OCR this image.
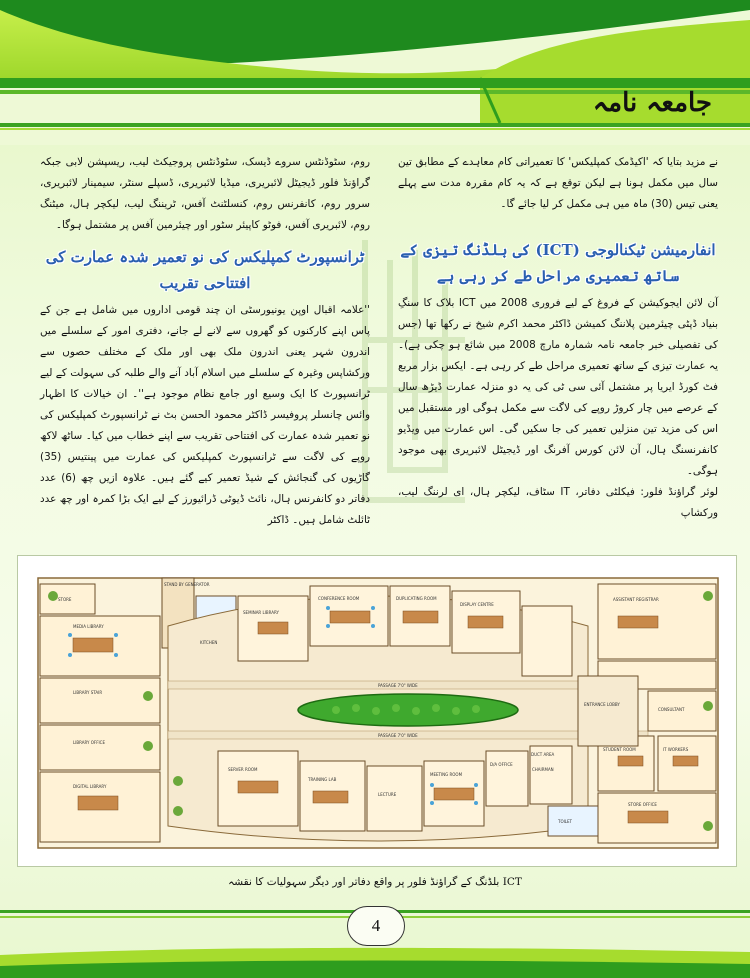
جامعہ نامہ

روم، سٹوڈنٹس سروے ڈیسک، سٹوڈنٹس پروجیکٹ لیب، ریسپشن لابی جبکہ گراؤنڈ فلور ڈیجیٹل لائبریری، میڈیا لائبریری، ڈسپلے سنٹر، سیمینار لائبریری، سرور روم، کانفرنس روم، کنسلٹنٹ آفس، ٹریننگ لیب، لیکچر ہال، میٹنگ روم، لائبریری آفس، فوٹو کاپیئر سٹور اور چیئرمین آفس پر مشتمل ہوگا۔

ٹرانسپورٹ کمپلیکس کی نو تعمیر شدہ عمارت کی افتتاحی تقریب

''علامہ اقبال اوپن یونیورسٹی ان چند قومی اداروں میں شامل ہے جن کے پاس اپنے کارکنوں کو گھروں سے لانے لے جانے، دفتری امور کے سلسلے میں اندرون شہر یعنی اندرون ملک بھی اور ملک کے مختلف حصوں سے ورکشاپس وغیرہ کے سلسلے میں اسلام آباد آنے والے طلبہ کی سہولت کے لیے ٹرانسپورٹ کا ایک وسیع اور جامع نظام موجود ہے''۔ ان خیالات کا اظہار وائس چانسلر پروفیسر ڈاکٹر محمود الحسن بٹ نے ٹرانسپورٹ کمپلیکس کی نو تعمیر شدہ عمارت کی افتتاحی تقریب سے اپنے خطاب میں کیا۔ ساٹھ لاکھ روپے کی لاگت سے ٹرانسپورٹ کمپلیکس کی عمارت میں پینتیس (35) گاڑیوں کی گنجائش کے شیڈ تعمیر کیے گئے ہیں۔ علاوہ ازیں چھ (6) عدد دفاتر دو کانفرنس ہال، نائٹ ڈیوٹی ڈرائیورز کے لیے ایک بڑا کمرہ اور چھ عدد ٹائلٹ شامل ہیں۔ ڈاکٹر

نے مزید بتایا کہ 'اکیڈمک کمپلیکس' کا تعمیراتی کام معاہدے کے مطابق تین سال میں مکمل ہونا ہے لیکن توقع ہے کہ یہ کام مقررہ مدت سے پہلے یعنی تیس (30) ماہ میں ہی مکمل کر لیا جائے گا۔

انفارمیشن ٹیکنالوجی (ICT) کی بلڈنگ تیزی کے ساتھ تعمیری مراحل طے کر رہی ہے

آن لائن ایجوکیشن کے فروغ کے لیے فروری 2008 میں ICT بلاک کا سنگِ بنیاد ڈپٹی چیئرمین پلاننگ کمیشن ڈاکٹر محمد اکرم شیخ نے رکھا تھا (جس کی تفصیلی خبر جامعہ نامہ شمارہ مارچ 2008 میں شائع ہو چکی ہے)۔ یہ عمارت تیزی کے ساتھ تعمیری مراحل طے کر رہی ہے۔ ایکس بزار مربع فٹ کورڈ ایریا پر مشتمل آئی سی ٹی کی یہ دو منزلہ عمارت ڈیڑھ سال کے عرصے میں چار کروڑ روپے کی لاگت سے مکمل ہوگی اور مستقبل میں اس کی مزید تین منزلیں تعمیر کی جا سکیں گی۔ اس عمارت میں ویڈیو کانفرنسنگ ہال، آن لائن کورس آفرنگ اور ڈیجیٹل لائبریری بھی موجود ہوگی۔

لوئر گراؤنڈ فلور: فیکلٹی دفاتر، IT سٹاف، لیکچر ہال، ای لرننگ لیب، ورکشاپ

STORE
MEDIA LIBRARY
LIBRARY STAIR
LIBRARY OFFICE
DIGITAL LIBRARY
SEMINAR LIBRARY
CONFERENCE ROOM	DUPLICATING ROOM
DISPLAY CENTRE
SERVER ROOM
TRAINING LAB
LECTURE
MEETING ROOM
D/A OFFICE
CHAIRMAN
ENTRANCE LOBBY
ASSISTANT REGISTRAR
CONSULTANT
STUDENT ROOM	IT WORKERS
STORE OFFICE
KITCHEN
STAND BY GENERATOR
DUCT AREA
PASSAGE 7'0" WIDE
PASSAGE 7'0" WIDE
TOILET
ICT بلڈنگ کے گراؤنڈ فلور پر واقع دفاتر اور دیگر سہولیات کا نقشہ
4
